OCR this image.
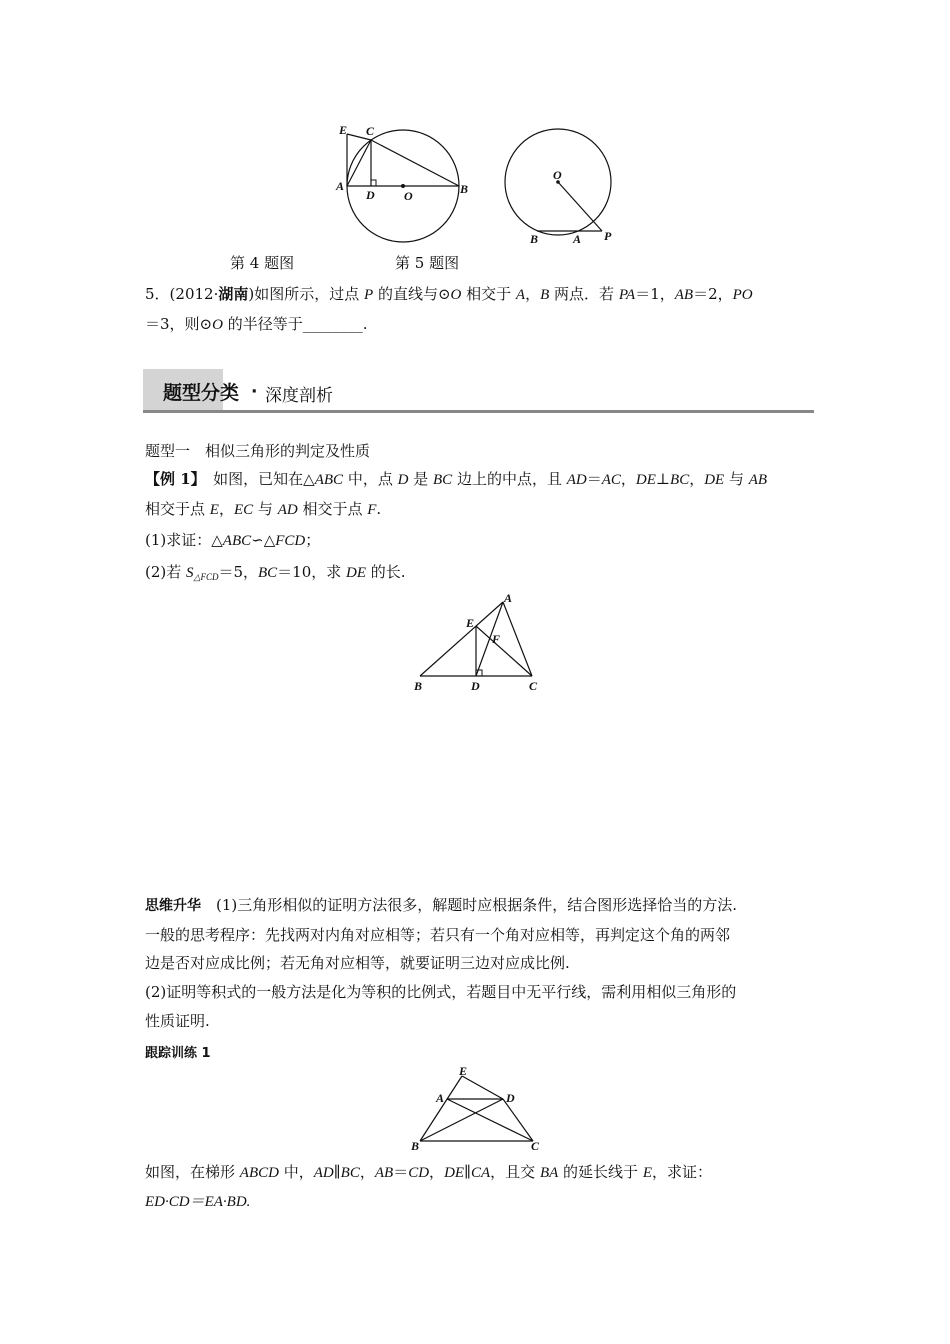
E C
A
D O	B
O
B	A P
第 4 题图	第 5 题图
5．(2012·湖南)如图所示，过点 P 的直线与⊙O 相交于 A，B 两点．若 PA＝1，AB＝2，PO
＝3，则⊙O 的半径等于________.
题型分类 · 深度剖析
题型一　相似三角形的判定及性质
【例 1】　如图，已知在△ABC 中，点 D 是 BC 边上的中点，且 AD＝AC，DE⊥BC，DE 与 AB
相交于点 E，EC 与 AD 相交于点 F.
(1)求证：△ABC∽△FCD；
(2)若 $S_{\triangle FCD}=5$，BC＝10，求 DE 的长.
A
E
F
B	D	C
思维升华　(1)三角形相似的证明方法很多，解题时应根据条件，结合图形选择恰当的方法.
一般的思考程序：先找两对内角对应相等；若只有一个角对应相等，再判定这个角的两邻
边是否对应成比例；若无角对应相等，就要证明三边对应成比例.
(2)证明等积式的一般方法是化为等积的比例式，若题目中无平行线，需利用相似三角形的
性质证明.
跟踪训练 1
E
A	D
B	C
如图，在梯形 ABCD 中，AD∥BC，AB＝CD，DE∥CA，且交 BA 的延长线于 E，求证：
ED·CD＝EA·BD.
